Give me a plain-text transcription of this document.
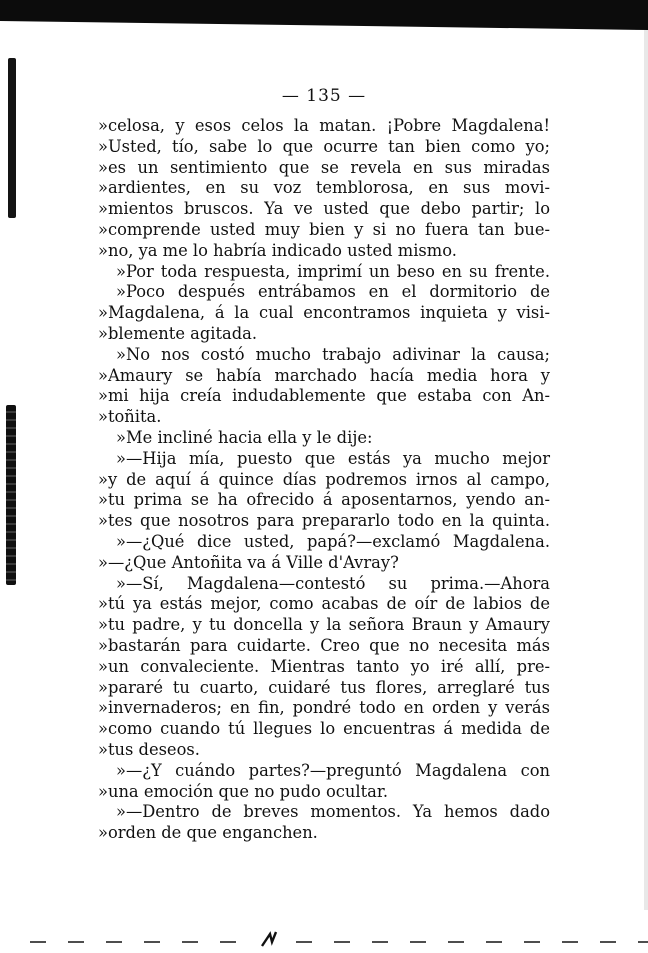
— 135 —
»celosa, y esos celos la matan. ¡Pobre Magdalena!
»Usted, tío, sabe lo que ocurre tan bien como yo;
»es un sentimiento que se revela en sus miradas
»ardientes, en su voz temblorosa, en sus movi-
»mientos bruscos. Ya ve usted que debo partir; lo
»comprende usted muy bien y si no fuera tan bue-
»no, ya me lo habría indicado usted mismo.
»Por toda respuesta, imprimí un beso en su frente.
»Poco después entrábamos en el dormitorio de
»Magdalena, á la cual encontramos inquieta y visi-
»blemente agitada.
»No nos costó mucho trabajo adivinar la causa;
»Amaury se había marchado hacía media hora y
»mi hija creía indudablemente que estaba con An-
»toñita.
»Me incliné hacia ella y le dije:
»—Hija mía, puesto que estás ya mucho mejor
»y de aquí á quince días podremos irnos al campo,
»tu prima se ha ofrecido á aposentarnos, yendo an-
»tes que nosotros para prepararlo todo en la quinta.
»—¿Qué dice usted, papá?—exclamó Magdalena.
»—¿Que Antoñita va á Ville d'Avray?
»—Sí, Magdalena—contestó su prima.—Ahora
»tú ya estás mejor, como acabas de oír de labios de
»tu padre, y tu doncella y la señora Braun y Amaury
»bastarán para cuidarte. Creo que no necesita más
»un convaleciente. Mientras tanto yo iré allí, pre-
»pararé tu cuarto, cuidaré tus flores, arreglaré tus
»invernaderos; en fin, pondré todo en orden y verás
»como cuando tú llegues lo encuentras á medida de
»tus deseos.
»—¿Y cuándo partes?—preguntó Magdalena con
»una emoción que no pudo ocultar.
»—Dentro de breves momentos. Ya hemos dado
»orden de que enganchen.
